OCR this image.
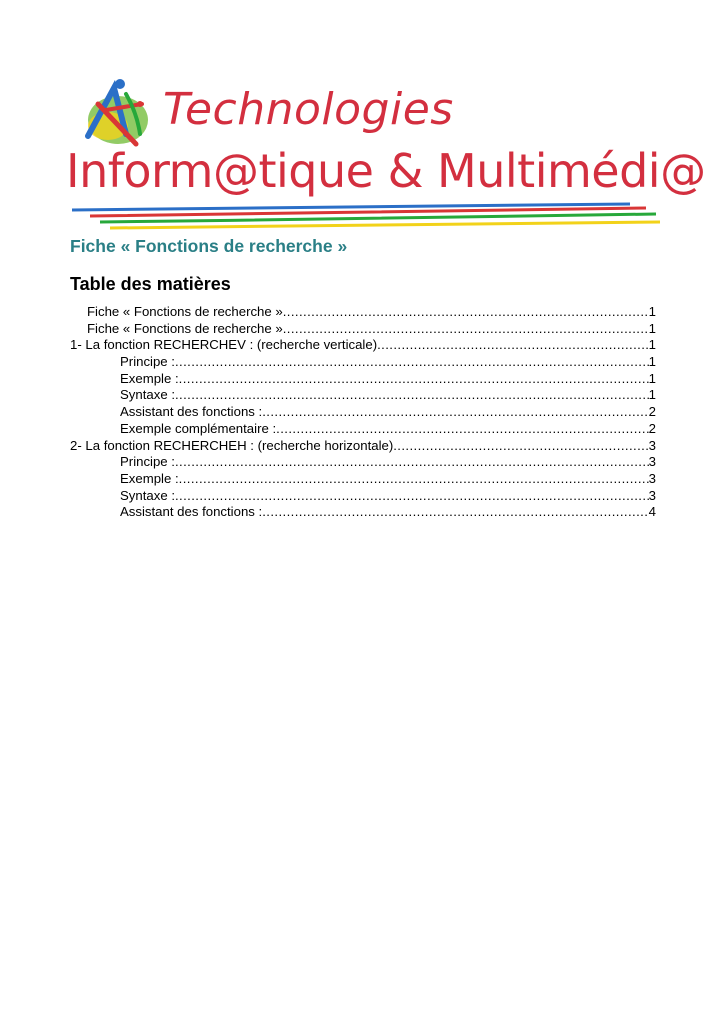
Technologies
Inform@tique & Multimédi@
Fiche « Fonctions de recherche »
Table des matières
Fiche « Fonctions de recherche » .....	1
Fiche « Fonctions de recherche » .....	1
1- La fonction RECHERCHEV : (recherche verticale) .....	1
Principe : .....	1
Exemple : .....	1
Syntaxe : .....	1
Assistant des fonctions : .....	2
Exemple complémentaire : .....	2
2- La fonction RECHERCHEH : (recherche horizontale) .....	3
Principe : .....	3
Exemple : .....	3
Syntaxe : .....	3
Assistant des fonctions : .....	4
